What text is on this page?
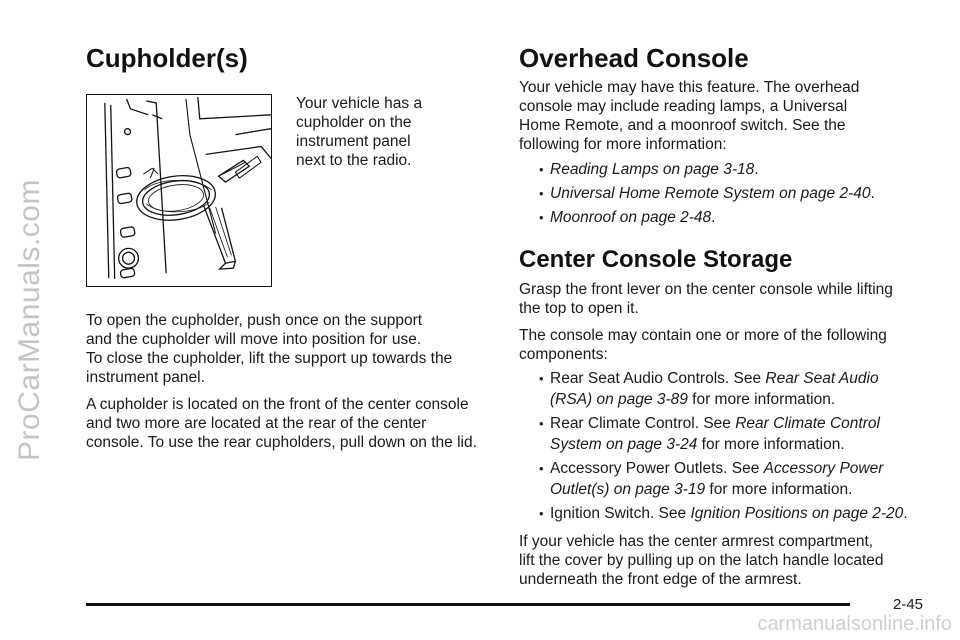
ProCarManuals.com
Cupholder(s)

Your vehicle has a

cupholder on the

instrument panel

next to the radio.

To open the cupholder, push once on the support

and the cupholder will move into position for use.

To close the cupholder, lift the support up towards the

instrument panel.

A cupholder is located on the front of the center console

and two more are located at the rear of the center

console. To use the rear cupholders, pull down on the lid.

Overhead Console

Your vehicle may have this feature. The overhead

console may include reading lamps, a Universal

Home Remote, and a moonroof switch. See the

following for more information:

• Reading Lamps on page 3-18.
• Universal Home Remote System on page 2-40.
• Moonroof on page 2-48.
Center Console Storage

Grasp the front lever on the center console while lifting

the top to open it.

The console may contain one or more of the following

components:

• Rear Seat Audio Controls. See Rear Seat Audio
(RSA) on page 3-89 for more information.
• Rear Climate Control. See Rear Climate Control
System on page 3-24 for more information.
• Accessory Power Outlets. See Accessory Power
Outlet(s) on page 3-19 for more information.
• Ignition Switch. See Ignition Positions on page 2-20.

If your vehicle has the center armrest compartment,

lift the cover by pulling up on the latch handle located

underneath the front edge of the armrest.

2-45
carmanualsonline.info
